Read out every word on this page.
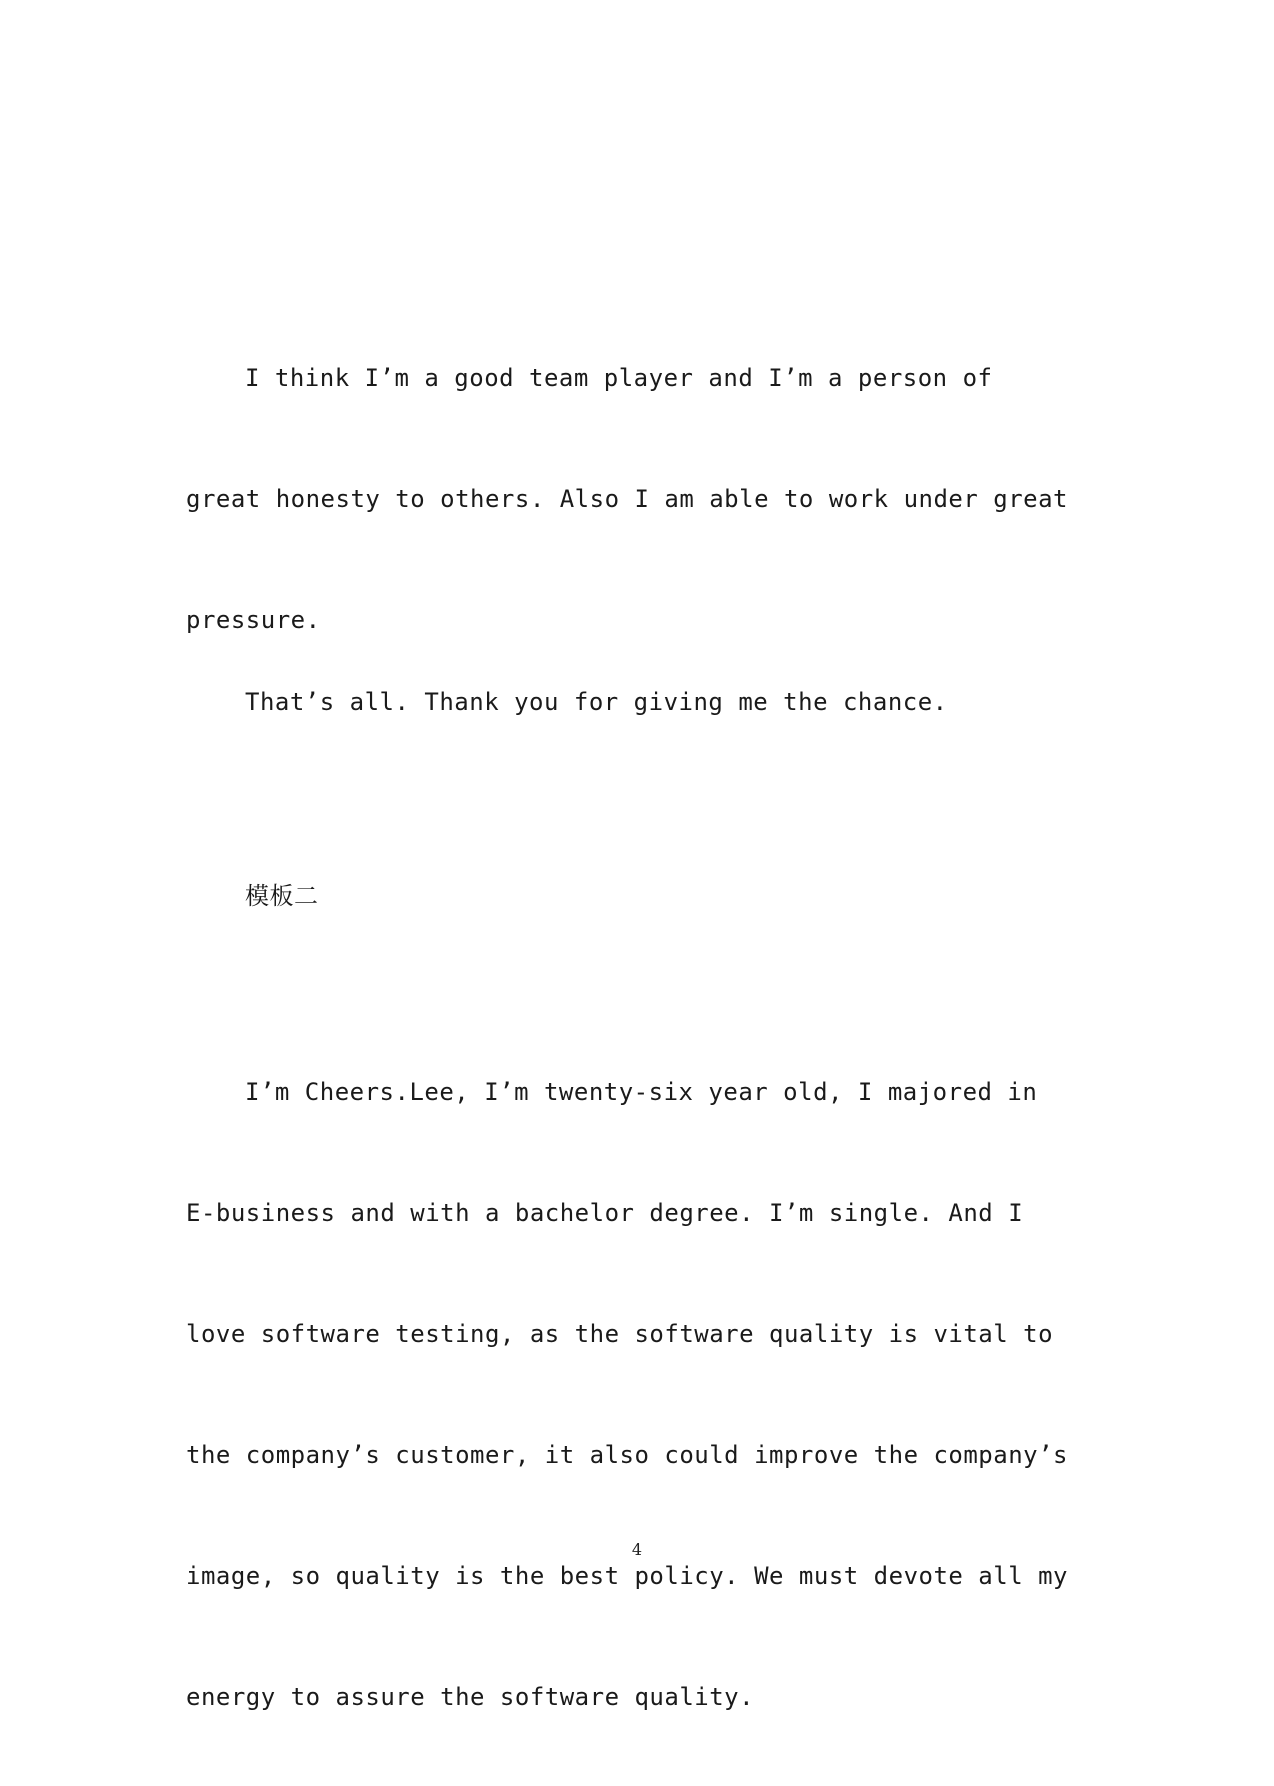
I think I’m a good team player and I’m a person of

great honesty to others. Also I am able to work under great

pressure.

That’s all. Thank you for giving me the chance.

模板二

I’m Cheers.Lee, I’m twenty-six year old, I majored in

E-business and with a bachelor degree. I’m single. And I

love software testing, as the software quality is vital to

the company’s customer, it also could improve the company’s

image, so quality is the best policy. We must devote all my

energy to assure the software quality.

4
